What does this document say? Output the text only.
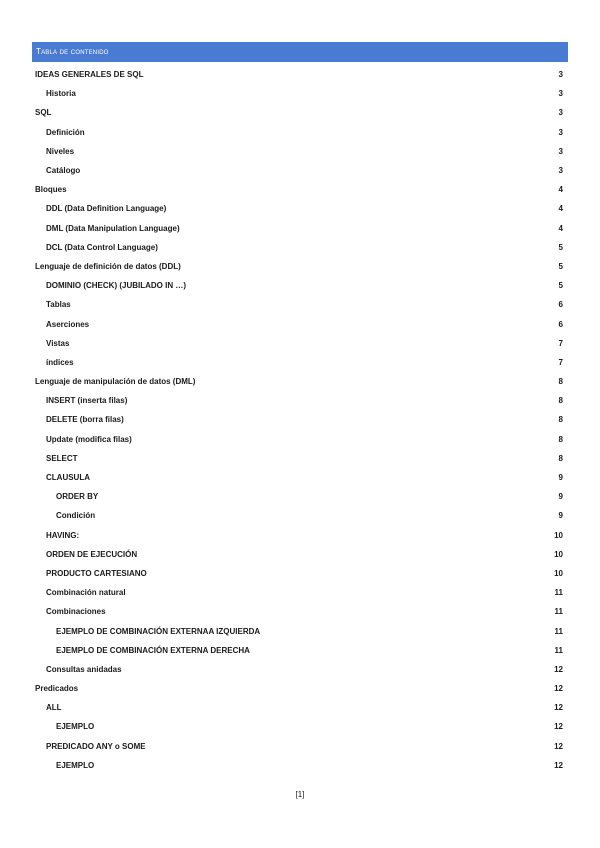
Tabla de contenido
IDEAS GENERALES DE SQL	3
Historia	3
SQL	3
Definición	3
Niveles	3
Catálogo	3
Bloques	4
DDL (Data Definition Language)	4
DML (Data Manipulation Language)	4
DCL (Data Control Language)	5
Lenguaje de definición de datos (DDL)	5
DOMINIO (CHECK) (JUBILADO IN …)	5
Tablas	6
Aserciones	6
Vistas	7
índices	7
Lenguaje de manipulación de datos (DML)	8
INSERT (inserta filas)	8
DELETE (borra filas)	8
Update (modifica filas)	8
SELECT	8
CLAUSULA	9
ORDER BY	9
Condición	9
HAVING:	10
ORDEN DE EJECUCIÓN	10
PRODUCTO CARTESIANO	10
Combinación natural	11
Combinaciones	11
EJEMPLO DE COMBINACIÓN EXTERNAA IZQUIERDA	11
EJEMPLO DE COMBINACIÓN EXTERNA DERECHA	11
Consultas anidadas	12
Predicados	12
ALL	12
EJEMPLO	12
PREDICADO ANY o SOME	12
EJEMPLO	12
[1]
